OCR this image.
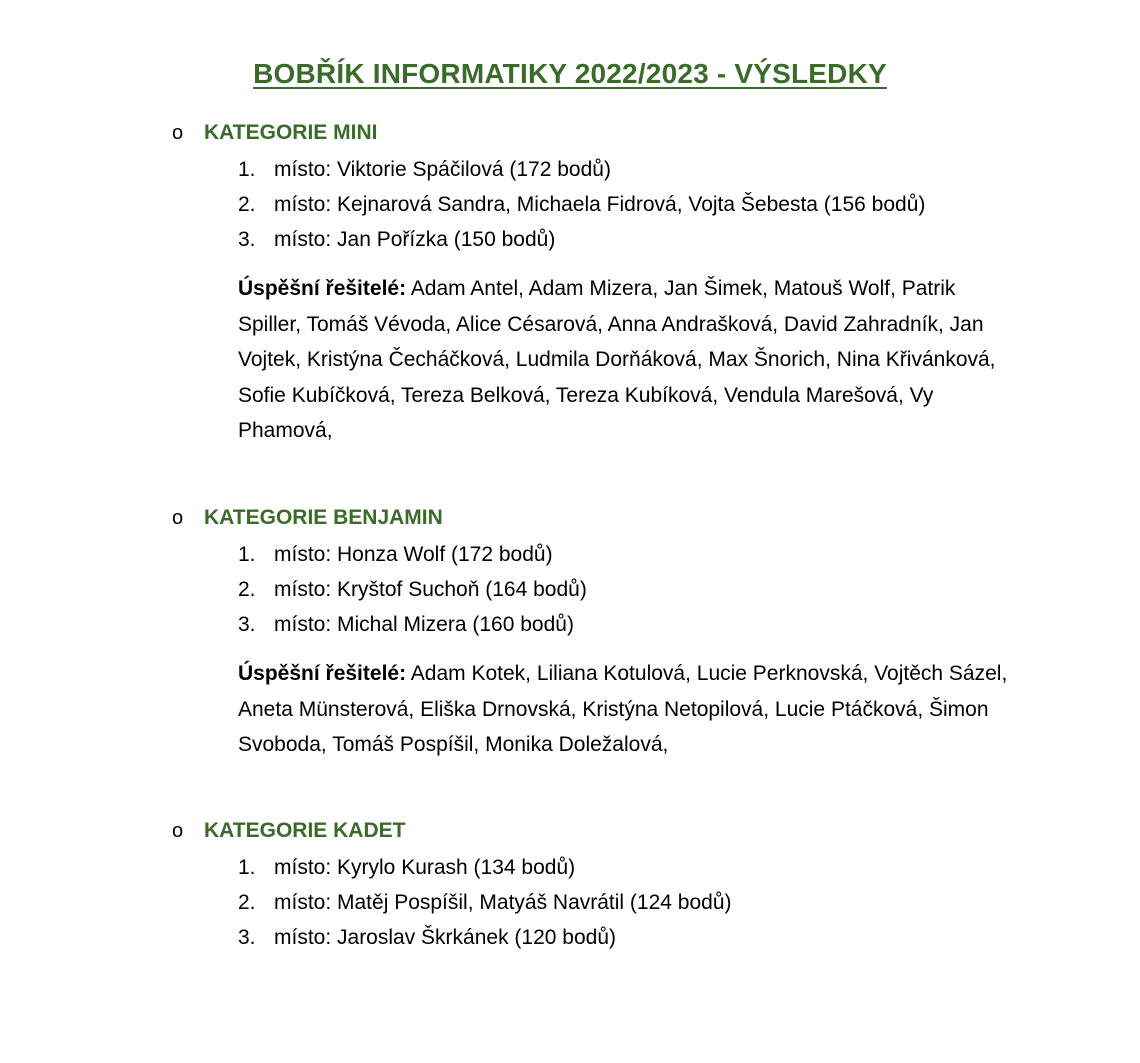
BOBŘÍK INFORMATIKY 2022/2023 - VÝSLEDKY
o KATEGORIE MINI
1. místo: Viktorie Spáčilová (172 bodů)
2. místo: Kejnarová Sandra, Michaela Fidrová, Vojta Šebesta (156 bodů)
3. místo: Jan Pořízka (150 bodů)
Úspěšní řešitelé: Adam Antel, Adam Mizera, Jan Šimek, Matouš Wolf, Patrik Spiller, Tomáš Vévoda, Alice Césarová, Anna Andrašková, David Zahradník, Jan Vojtek, Kristýna Čecháčková, Ludmila Dorňáková, Max Šnorich, Nina Křivánková, Sofie Kubíčková, Tereza Belková, Tereza Kubíková, Vendula Marešová, Vy Phamová,
o KATEGORIE BENJAMIN
1. místo: Honza Wolf (172 bodů)
2. místo: Kryštof Suchoň (164 bodů)
3. místo: Michal Mizera (160 bodů)
Úspěšní řešitelé: Adam Kotek, Liliana Kotulová, Lucie Perknovská, Vojtěch Sázel, Aneta Münsterová, Eliška Drnovská, Kristýna Netopilová, Lucie Ptáčková, Šimon Svoboda, Tomáš Pospíšil, Monika Doležalová,
o KATEGORIE KADET
1. místo: Kyrylo Kurash (134 bodů)
2. místo: Matěj Pospíšil, Matyáš Navrátil (124 bodů)
3. místo: Jaroslav Škrkánek (120 bodů)
